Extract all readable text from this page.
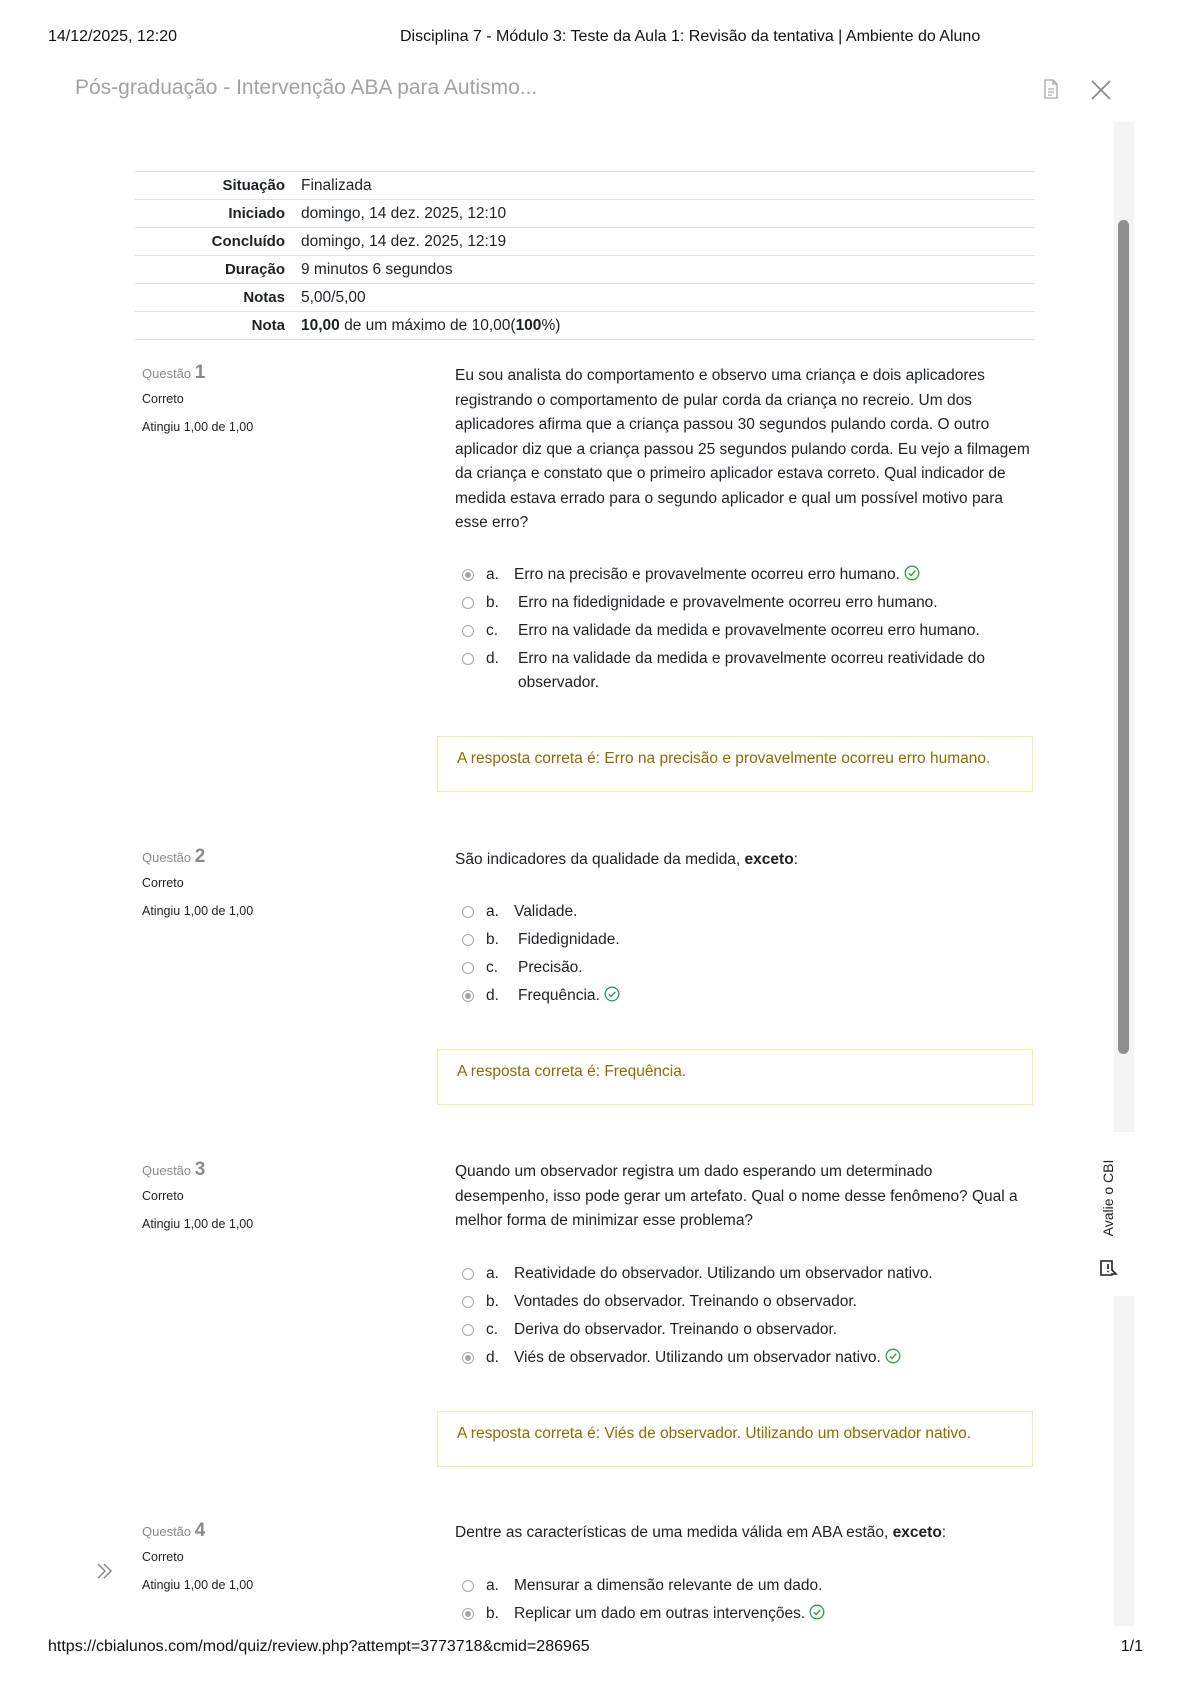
14/12/2025, 12:20	Disciplina 7 - Módulo 3: Teste da Aula 1: Revisão da tentativa | Ambiente do Aluno
Pós-graduação - Intervenção ABA para Autismo...
Avalie o CBI
Situação	Finalizada
Iniciado	domingo, 14 dez. 2025, 12:10
Concluído	domingo, 14 dez. 2025, 12:19
Duração	9 minutos 6 segundos
Notas	5,00/5,00
Nota	10,00 de um máximo de 10,00(100%)
Questão 1
Correto
Atingiu 1,00 de 1,00
Eu sou analista do comportamento e observo uma criança e dois aplicadores registrando o comportamento de pular corda da criança no recreio. Um dos aplicadores afirma que a criança passou 30 segundos pulando corda. O outro aplicador diz que a criança passou 25 segundos pulando corda. Eu vejo a filmagem da criança e constato que o primeiro aplicador estava correto. Qual indicador de medida estava errado para o segundo aplicador e qual um possível motivo para esse erro?
a. Erro na precisão e provavelmente ocorreu erro humano.
b. Erro na fidedignidade e provavelmente ocorreu erro humano.
c. Erro na validade da medida e provavelmente ocorreu erro humano.
d. Erro na validade da medida e provavelmente ocorreu reatividade do observador.
A resposta correta é: Erro na precisão e provavelmente ocorreu erro humano.
Questão 2
Correto
Atingiu 1,00 de 1,00
São indicadores da qualidade da medida, exceto:
a. Validade.
b. Fidedignidade.
c. Precisão.
d. Frequência.
A resposta correta é: Frequência.
Questão 3
Correto
Atingiu 1,00 de 1,00
Quando um observador registra um dado esperando um determinado desempenho, isso pode gerar um artefato. Qual o nome desse fenômeno? Qual a melhor forma de minimizar esse problema?
a. Reatividade do observador. Utilizando um observador nativo.
b. Vontades do observador. Treinando o observador.
c. Deriva do observador. Treinando o observador.
d. Viés de observador. Utilizando um observador nativo.
A resposta correta é: Viés de observador. Utilizando um observador nativo.
Questão 4
Correto
Atingiu 1,00 de 1,00
Dentre as características de uma medida válida em ABA estão, exceto:
a. Mensurar a dimensão relevante de um dado.
b. Replicar um dado em outras intervenções.
https://cbialunos.com/mod/quiz/review.php?attempt=3773718&cmid=286965	1/1
